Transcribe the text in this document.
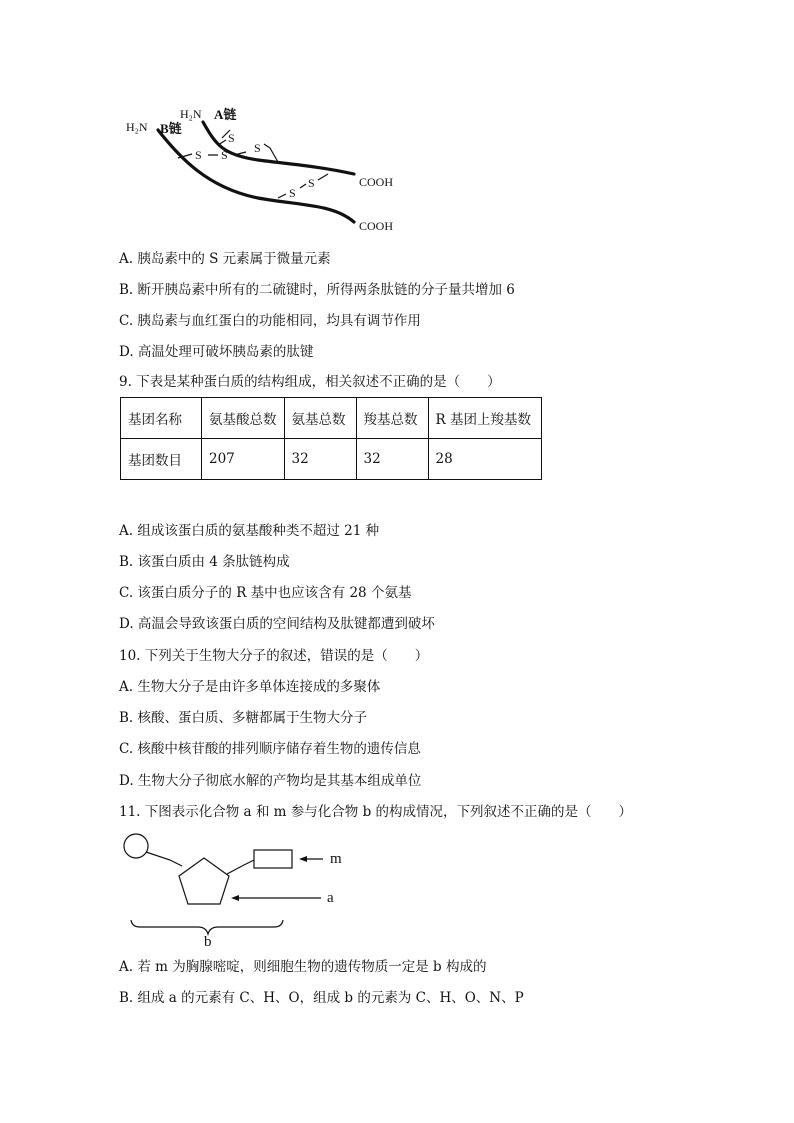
H₂N A链
H₂N B链
S
S
S S
S
S
COOH
COOH
A. 胰岛素中的 S 元素属于微量元素
B. 断开胰岛素中所有的二硫键时，所得两条肽链的分子量共增加 6
C. 胰岛素与血红蛋白的功能相同，均具有调节作用
D. 高温处理可破坏胰岛素的肽键
9. 下表是某种蛋白质的结构组成，相关叙述不正确的是（　　）
基团名称	氨基酸总数	氨基总数	羧基总数	R 基团上羧基数
基团数目	207	32	32	28
A. 组成该蛋白质的氨基酸种类不超过 21 种
B. 该蛋白质由 4 条肽链构成
C. 该蛋白质分子的 R 基中也应该含有 28 个氨基
D. 高温会导致该蛋白质的空间结构及肽键都遭到破坏
10. 下列关于生物大分子的叙述，错误的是（　　）
A. 生物大分子是由许多单体连接成的多聚体
B. 核酸、蛋白质、多糖都属于生物大分子
C. 核酸中核苷酸的排列顺序储存着生物的遗传信息
D. 生物大分子彻底水解的产物均是其基本组成单位
11. 下图表示化合物 a 和 m 参与化合物 b 的构成情况，下列叙述不正确的是（　　）
m
a
b
A. 若 m 为胸腺嘧啶，则细胞生物的遗传物质一定是 b 构成的
B. 组成 a 的元素有 C、H、O，组成 b 的元素为 C、H、O、N、P
